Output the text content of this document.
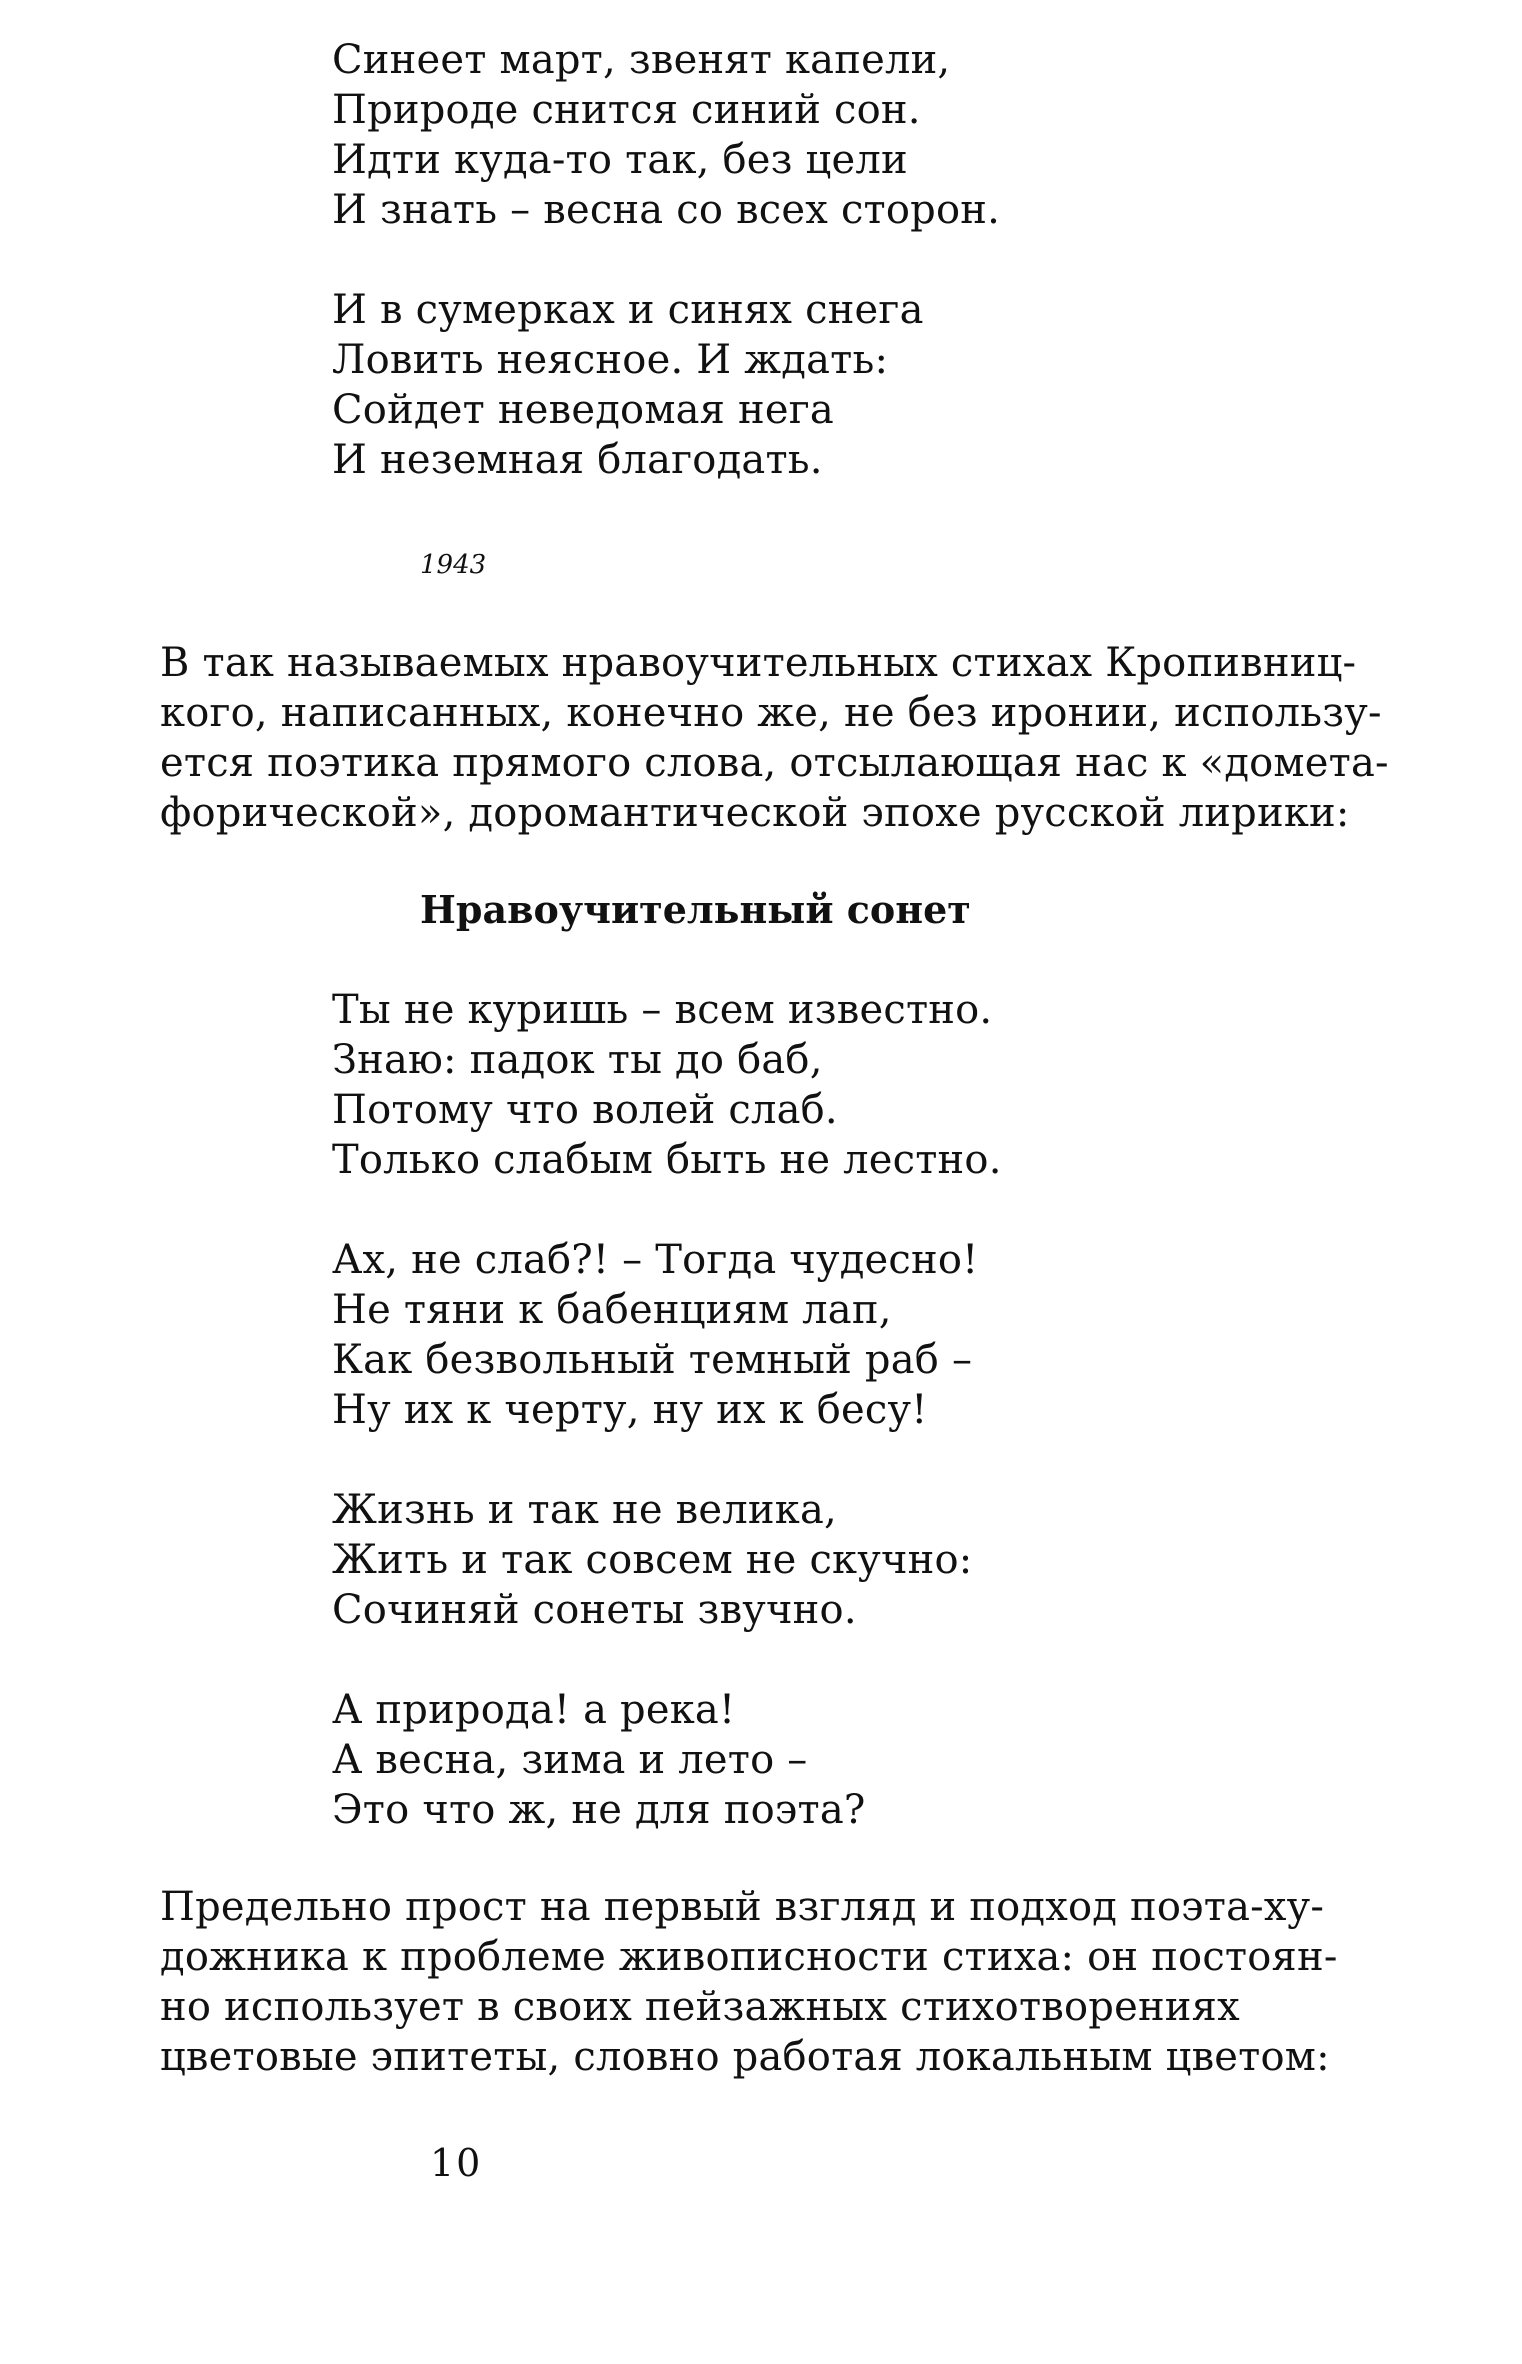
Синеет март, звенят капели,
Природе снится синий сон.
Идти куда-то так, без цели
И знать – весна со всех сторон.
И в сумерках и синях снега
Ловить неясное. И ждать:
Сойдет неведомая нега
И неземная благодать.
1943
В так называемых нравоучительных стихах Кропивниц-
кого, написанных, конечно же, не без иронии, использу-
ется поэтика прямого слова, отсылающая нас к «домета-
форической», доромантической эпохе русской лирики:
Нравоучительный сонет
Ты не куришь – всем известно.
Знаю: падок ты до баб,
Потому что волей слаб.
Только слабым быть не лестно.
Ах, не слаб?! – Тогда чудесно!
Не тяни к бабенциям лап,
Как безвольный темный раб –
Ну их к черту, ну их к бесу!
Жизнь и так не велика,
Жить и так совсем не скучно:
Сочиняй сонеты звучно.
А природа! а река!
А весна, зима и лето –
Это что ж, не для поэта?
Предельно прост на первый взгляд и подход поэта-ху-
дожника к проблеме живописности стиха: он постоян-
но использует в своих пейзажных стихотворениях
цветовые эпитеты, словно работая локальным цветом:
10
